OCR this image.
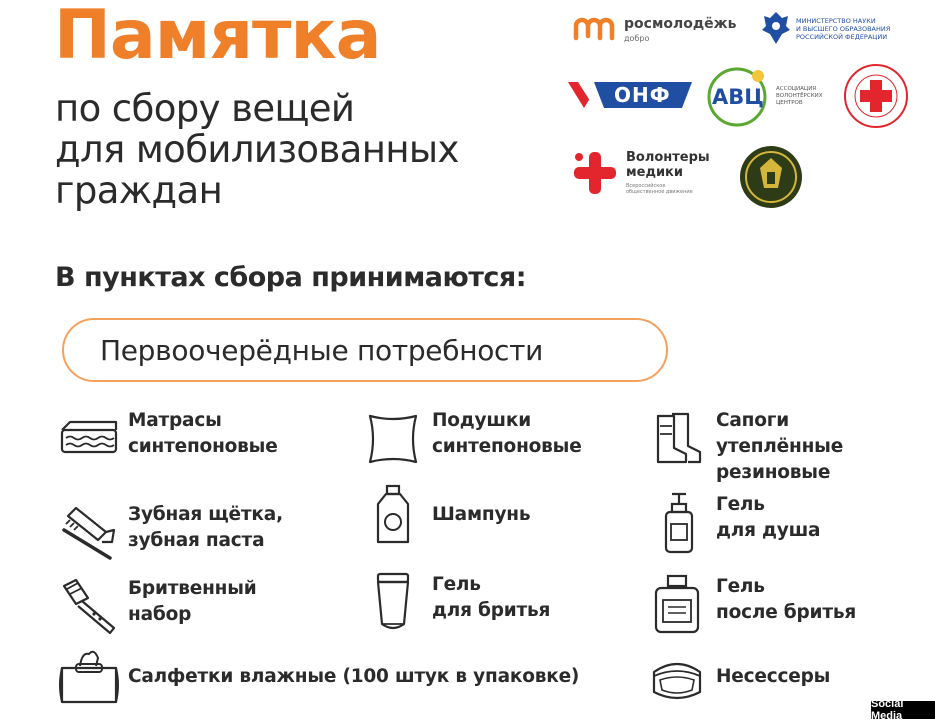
Памятка
по сбору вещей
для мобилизованных
граждан
росмолодёжь
добро
МИНИСТЕРСТВО НАУКИ
И ВЫСШЕГО ОБРАЗОВАНИЯ
РОССИЙСКОЙ ФЕДЕРАЦИИ
ОНФ АВЦ АССОЦИАЦИЯ
ВОЛОНТЁРСКИХ
ЦЕНТРОВ
Волонтеры
медики
Всероссийское
общественное движение
В пунктах сбора принимаются:
Первоочерёдные потребности
Матрасы
синтепоновые
Подушки
синтепоновые
Сапоги
утеплённые
резиновые
Зубная щётка,
зубная паста
Шампунь	Гель
для душа
Бритвенный
набор
Гель
для бритья
Гель
после бритья
Салфетки влажные (100 штук в упаковке)	Несессеры
Social Media
